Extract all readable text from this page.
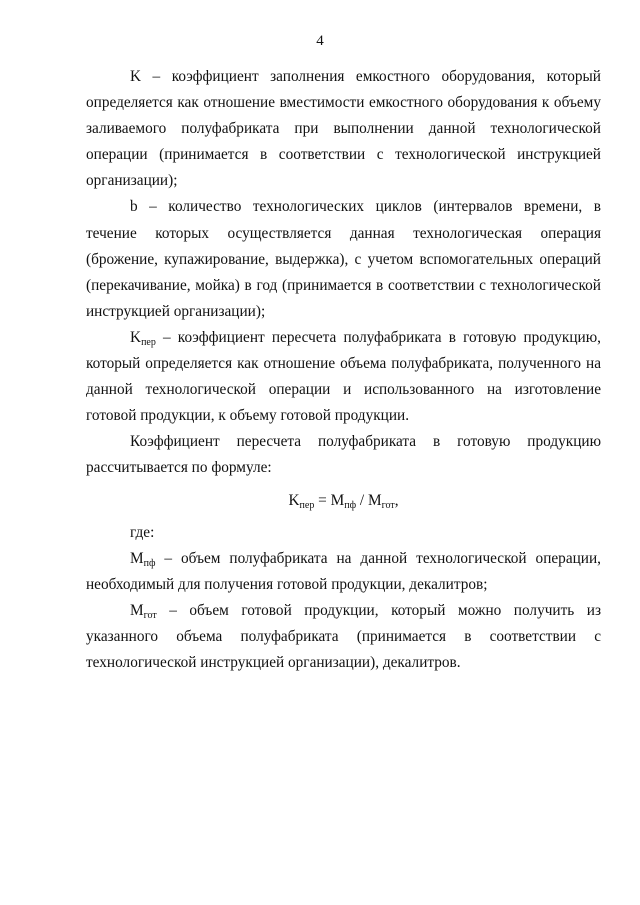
4

K – коэффициент заполнения емкостного оборудования, который определяется как отношение вместимости емкостного оборудования к объему заливаемого полуфабриката при выполнении данной технологической операции (принимается в соответствии с технологической инструкцией организации);

b – количество технологических циклов (интервалов времени, в течение которых осуществляется данная технологическая операция (брожение, купажирование, выдержка), с учетом вспомогательных операций (перекачивание, мойка) в год (принимается в соответствии с технологической инструкцией организации);

$K_{пер}$ – коэффициент пересчета полуфабриката в готовую продукцию, который определяется как отношение объема полуфабриката, полученного на данной технологической операции и использованного на изготовление готовой продукции, к объему готовой продукции.

Коэффициент пересчета полуфабриката в готовую продукцию рассчитывается по формуле:

$K_{пер} = M_{пф} / M_{гот}$,

где:

$M_{пф}$ – объем полуфабриката на данной технологической операции, необходимый для получения готовой продукции, декалитров;

$M_{гот}$ – объем готовой продукции, который можно получить из указанного объема полуфабриката (принимается в соответствии с технологической инструкцией организации), декалитров.
